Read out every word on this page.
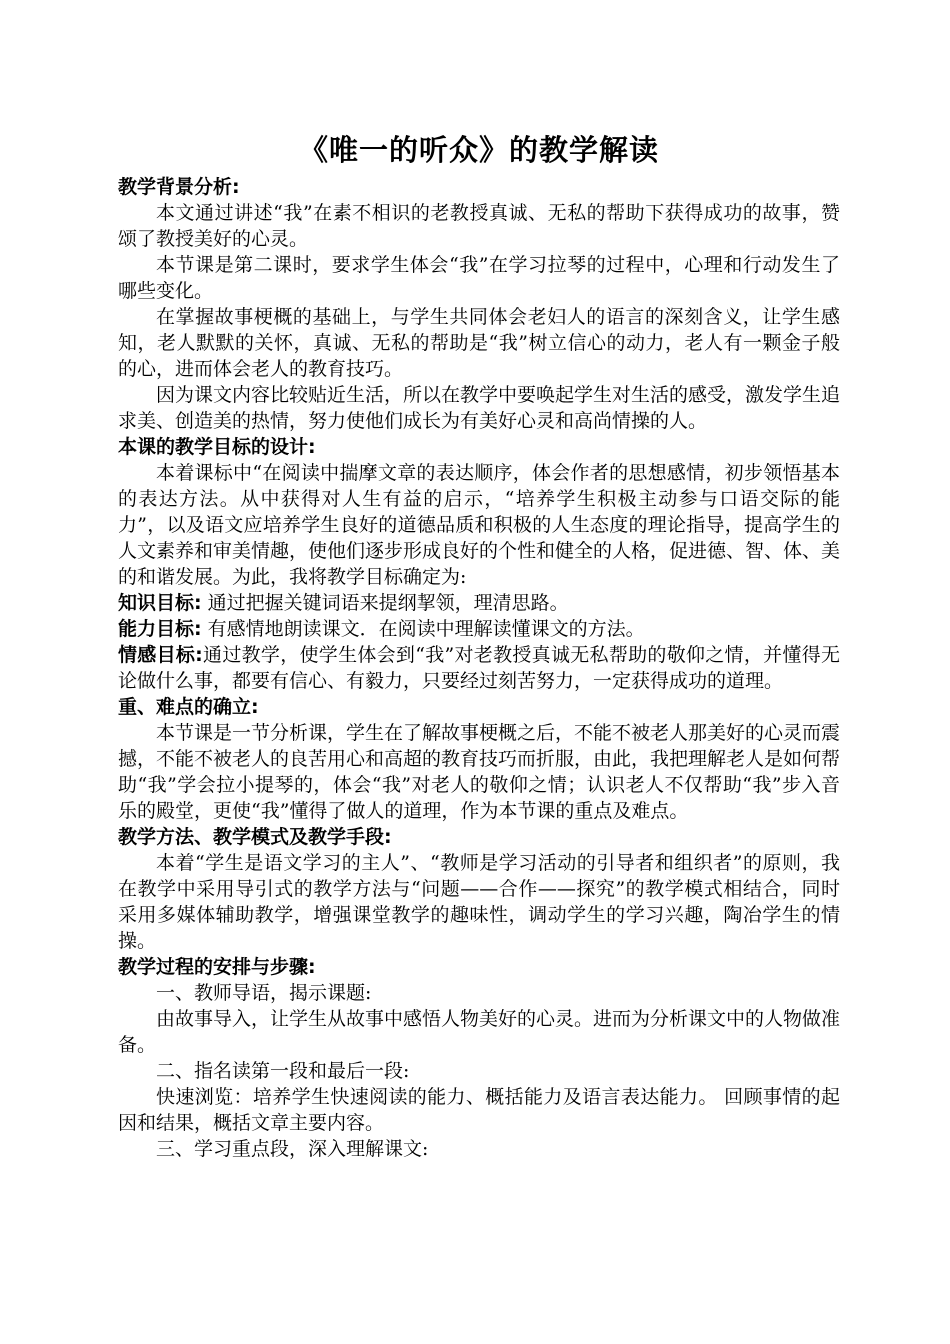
《唯一的听众》的教学解读

教学背景分析:

本文通过讲述“我”在素不相识的老教授真诚、无私的帮助下获得成功的故事，赞颂了教授美好的心灵。

本节课是第二课时，要求学生体会“我”在学习拉琴的过程中，心理和行动发生了哪些变化。

在掌握故事梗概的基础上，与学生共同体会老妇人的语言的深刻含义，让学生感知，老人默默的关怀，真诚、无私的帮助是“我”树立信心的动力，老人有一颗金子般的心，进而体会老人的教育技巧。

因为课文内容比较贴近生活，所以在教学中要唤起学生对生活的感受，激发学生追求美、创造美的热情，努力使他们成长为有美好心灵和高尚情操的人。

本课的教学目标的设计:

本着课标中“在阅读中揣摩文章的表达顺序，体会作者的思想感情，初步领悟基本的表达方法。从中获得对人生有益的启示，“培养学生积极主动参与口语交际的能力”，以及语文应培养学生良好的道德品质和积极的人生态度的理论指导，提高学生的人文素养和审美情趣，使他们逐步形成良好的个性和健全的人格，促进德、智、体、美的和谐发展。为此，我将教学目标确定为:

知识目标: 通过把握关键词语来提纲挈领，理清思路。

能力目标: 有感情地朗读课文．在阅读中理解读懂课文的方法。

情感目标:通过教学，使学生体会到“我”对老教授真诚无私帮助的敬仰之情，并懂得无论做什么事，都要有信心、有毅力，只要经过刻苦努力，一定获得成功的道理。

重、难点的确立:

本节课是一节分析课，学生在了解故事梗概之后，不能不被老人那美好的心灵而震撼，不能不被老人的良苦用心和高超的教育技巧而折服，由此，我把理解老人是如何帮助“我”学会拉小提琴的，体会“我”对老人的敬仰之情；认识老人不仅帮助“我”步入音乐的殿堂，更使“我”懂得了做人的道理，作为本节课的重点及难点。

教学方法、教学模式及教学手段:

本着“学生是语文学习的主人”、“教师是学习活动的引导者和组织者”的原则，我在教学中采用导引式的教学方法与“问题——合作——探究”的教学模式相结合，同时采用多媒体辅助教学，增强课堂教学的趣味性，调动学生的学习兴趣，陶冶学生的情操。

教学过程的安排与步骤:

一、教师导语，揭示课题:

由故事导入，让学生从故事中感悟人物美好的心灵。进而为分析课文中的人物做准备。

二、指名读第一段和最后一段:

快速浏览：培养学生快速阅读的能力、概括能力及语言表达能力。 回顾事情的起因和结果，概括文章主要内容。

三、学习重点段，深入理解课文:
